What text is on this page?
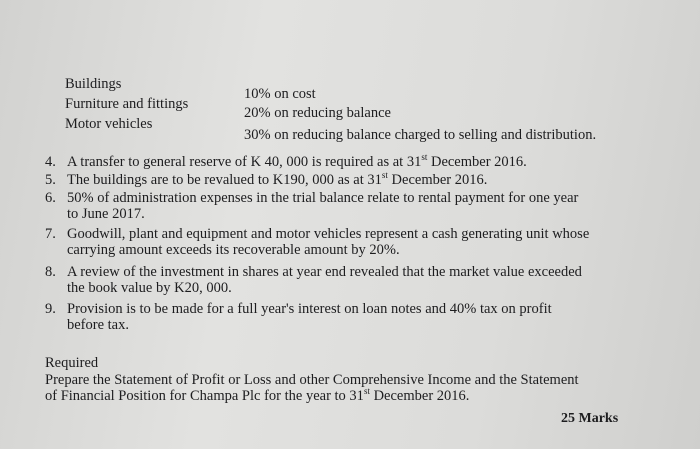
Buildings
10% on cost
Furniture and fittings
20% on reducing balance
Motor vehicles
30% on reducing balance charged to selling and distribution.
4. A transfer to general reserve of K 40, 000 is required as at 31st December 2016.
5. The buildings are to be revalued to K190, 000 as at 31st December 2016.
6. 50% of administration expenses in the trial balance relate to rental payment for one year
to June 2017.
7. Goodwill, plant and equipment and motor vehicles represent a cash generating unit whose
carrying amount exceeds its recoverable amount by 20%.
8. A review of the investment in shares at year end revealed that the market value exceeded
the book value by K20, 000.
9. Provision is to be made for a full year's interest on loan notes and 40% tax on profit
before tax.
Required
Prepare the Statement of Profit or Loss and other Comprehensive Income and the Statement
of Financial Position for Champa Plc for the year to 31st December 2016.
25 Marks
